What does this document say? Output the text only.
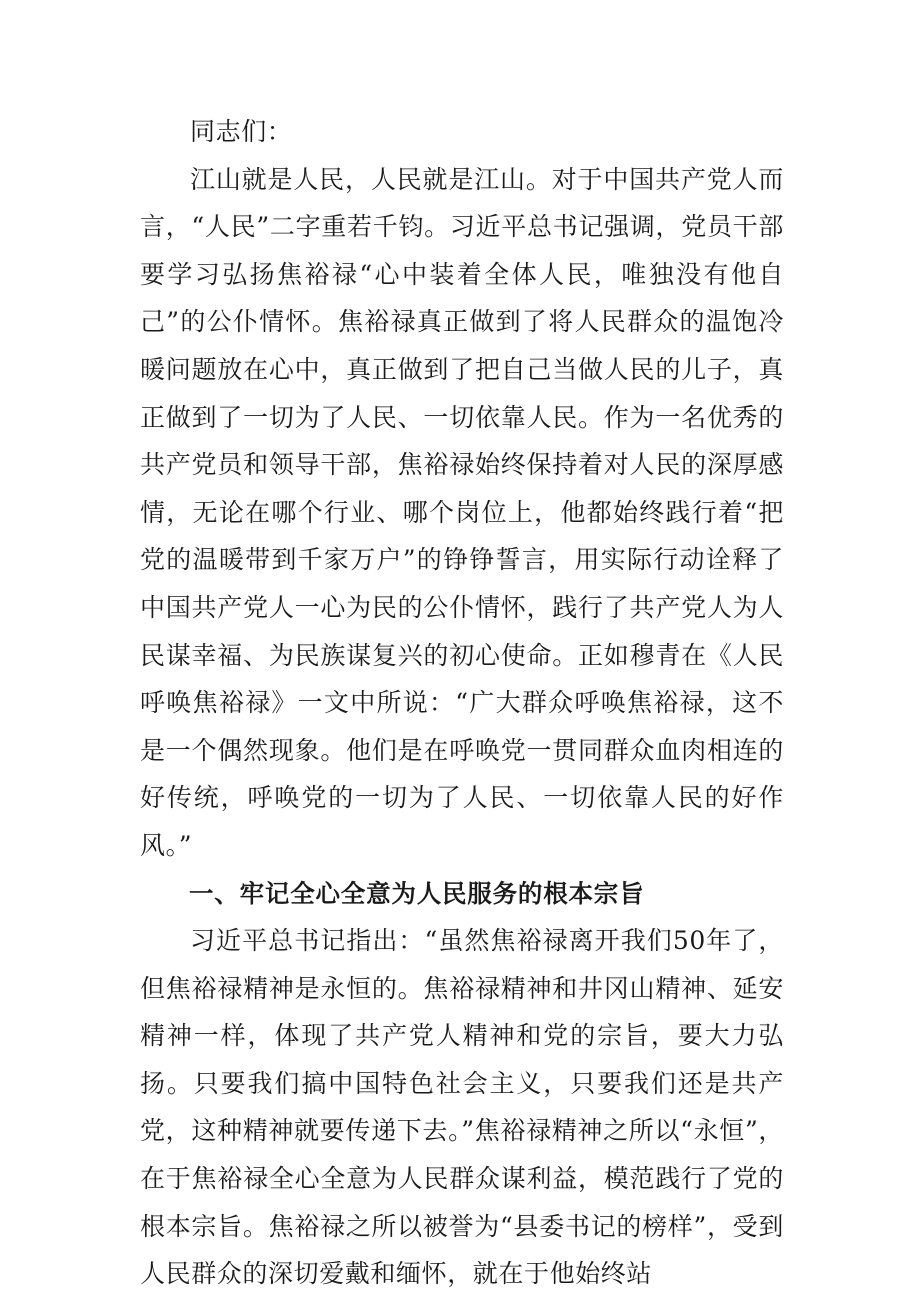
同志们：

江山就是人民，人民就是江山。对于中国共产党人而言，“人民”二字重若千钧。习近平总书记强调，党员干部要学习弘扬焦裕禄“心中装着全体人民，唯独没有他自己”的公仆情怀。焦裕禄真正做到了将人民群众的温饱冷暖问题放在心中，真正做到了把自己当做人民的儿子，真正做到了一切为了人民、一切依靠人民。作为一名优秀的共产党员和领导干部，焦裕禄始终保持着对人民的深厚感情，无论在哪个行业、哪个岗位上，他都始终践行着“把党的温暖带到千家万户”的铮铮誓言，用实际行动诠释了中国共产党人一心为民的公仆情怀，践行了共产党人为人民谋幸福、为民族谋复兴的初心使命。正如穆青在《人民呼唤焦裕禄》一文中所说：“广大群众呼唤焦裕禄，这不是一个偶然现象。他们是在呼唤党一贯同群众血肉相连的好传统，呼唤党的一切为了人民、一切依靠人民的好作风。”

一、牢记全心全意为人民服务的根本宗旨

习近平总书记指出：“虽然焦裕禄离开我们50年了，但焦裕禄精神是永恒的。焦裕禄精神和井冈山精神、延安精神一样，体现了共产党人精神和党的宗旨，要大力弘扬。只要我们搞中国特色社会主义，只要我们还是共产党，这种精神就要传递下去。”焦裕禄精神之所以“永恒”，在于焦裕禄全心全意为人民群众谋利益，模范践行了党的根本宗旨。焦裕禄之所以被誉为“县委书记的榜样”，受到人民群众的深切爱戴和缅怀，就在于他始终站
